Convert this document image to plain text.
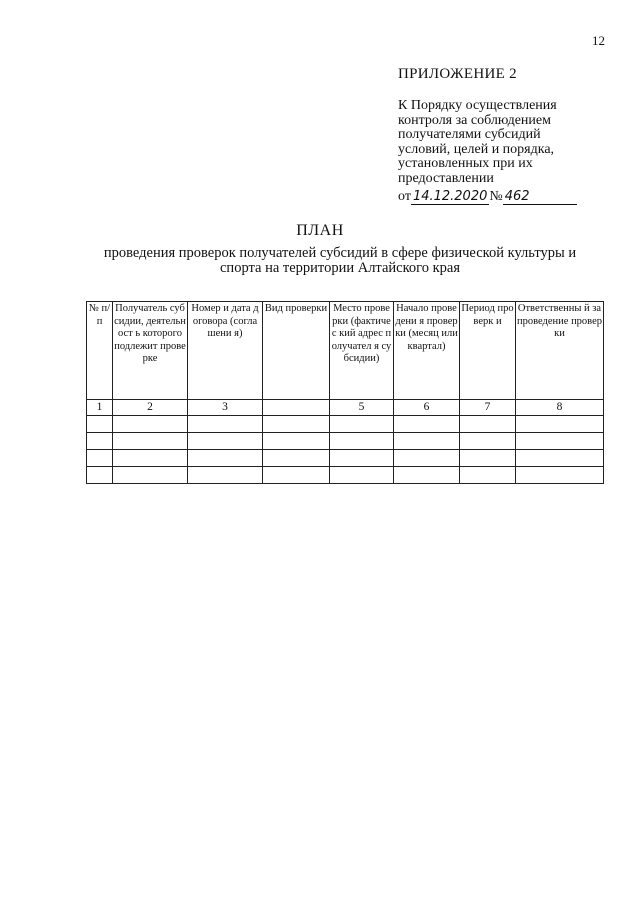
12
ПРИЛОЖЕНИЕ 2
К Порядку осуществления
контроля за соблюдением
получателями субсидий
условий, целей и порядка,
установленных при их
предоставлении
от 14.12.2020 № 462
ПЛАН
проведения проверок получателей субсидий в сфере физической культуры и
спорта на территории Алтайского края
№ п/п	Получатель субсидии, деятельност ь которого подлежит проверке	Номер и дата договора (соглашени я)	Вид проверки	Место проверки (фактичес кий адрес получател я субсидии)	Начало проведени я проверки (месяц или квартал)	Период проверк и	Ответственны й за проведение проверки
1	2	3		5	6	7	8
